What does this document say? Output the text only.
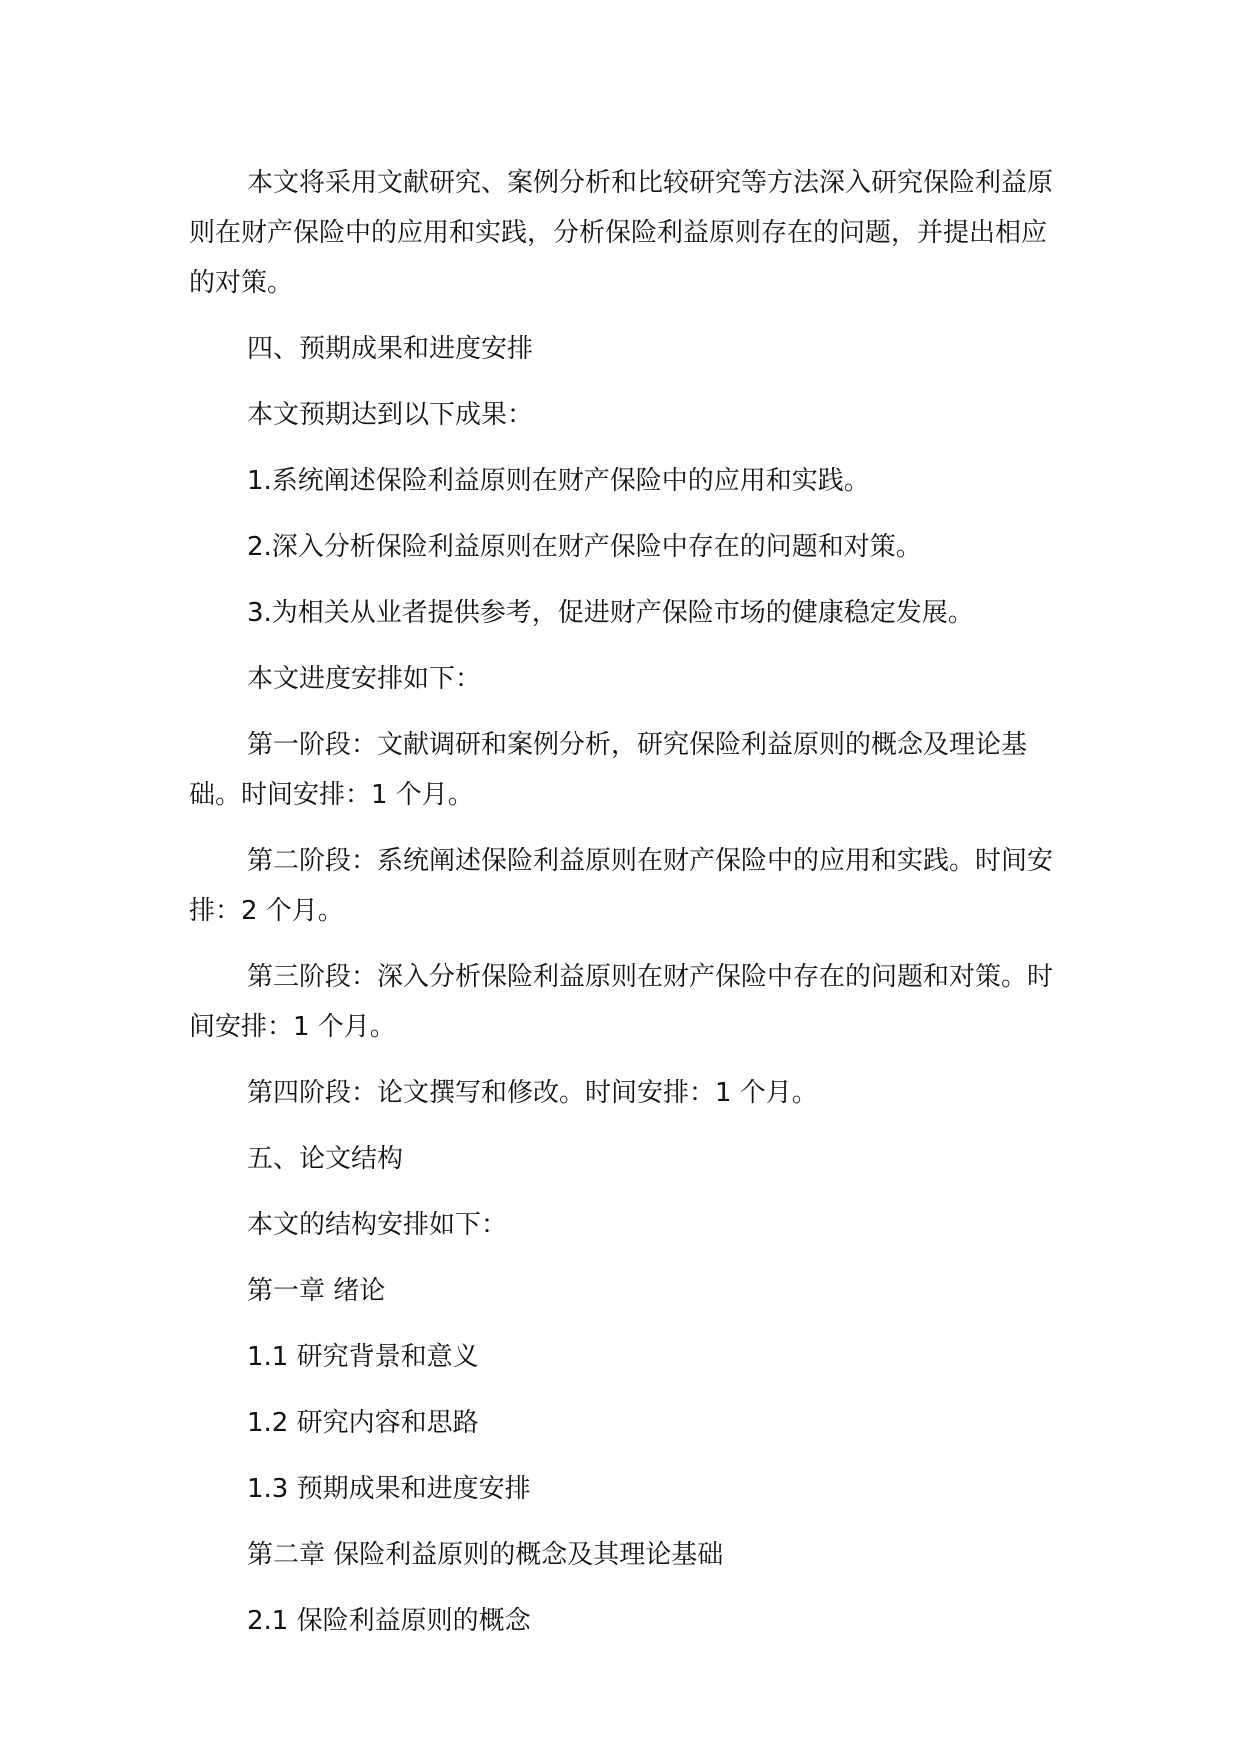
本文将采用文献研究、案例分析和比较研究等方法深入研究保险利益原则在财产保险中的应用和实践，分析保险利益原则存在的问题，并提出相应的对策。

四、预期成果和进度安排

本文预期达到以下成果：

1.系统阐述保险利益原则在财产保险中的应用和实践。

2.深入分析保险利益原则在财产保险中存在的问题和对策。

3.为相关从业者提供参考，促进财产保险市场的健康稳定发展。

本文进度安排如下：

第一阶段：文献调研和案例分析，研究保险利益原则的概念及理论基础。时间安排：1 个月。

第二阶段：系统阐述保险利益原则在财产保险中的应用和实践。时间安排：2 个月。

第三阶段：深入分析保险利益原则在财产保险中存在的问题和对策。时间安排：1 个月。

第四阶段：论文撰写和修改。时间安排：1 个月。

五、论文结构

本文的结构安排如下：

第一章 绪论

1.1 研究背景和意义

1.2 研究内容和思路

1.3 预期成果和进度安排

第二章 保险利益原则的概念及其理论基础

2.1 保险利益原则的概念
